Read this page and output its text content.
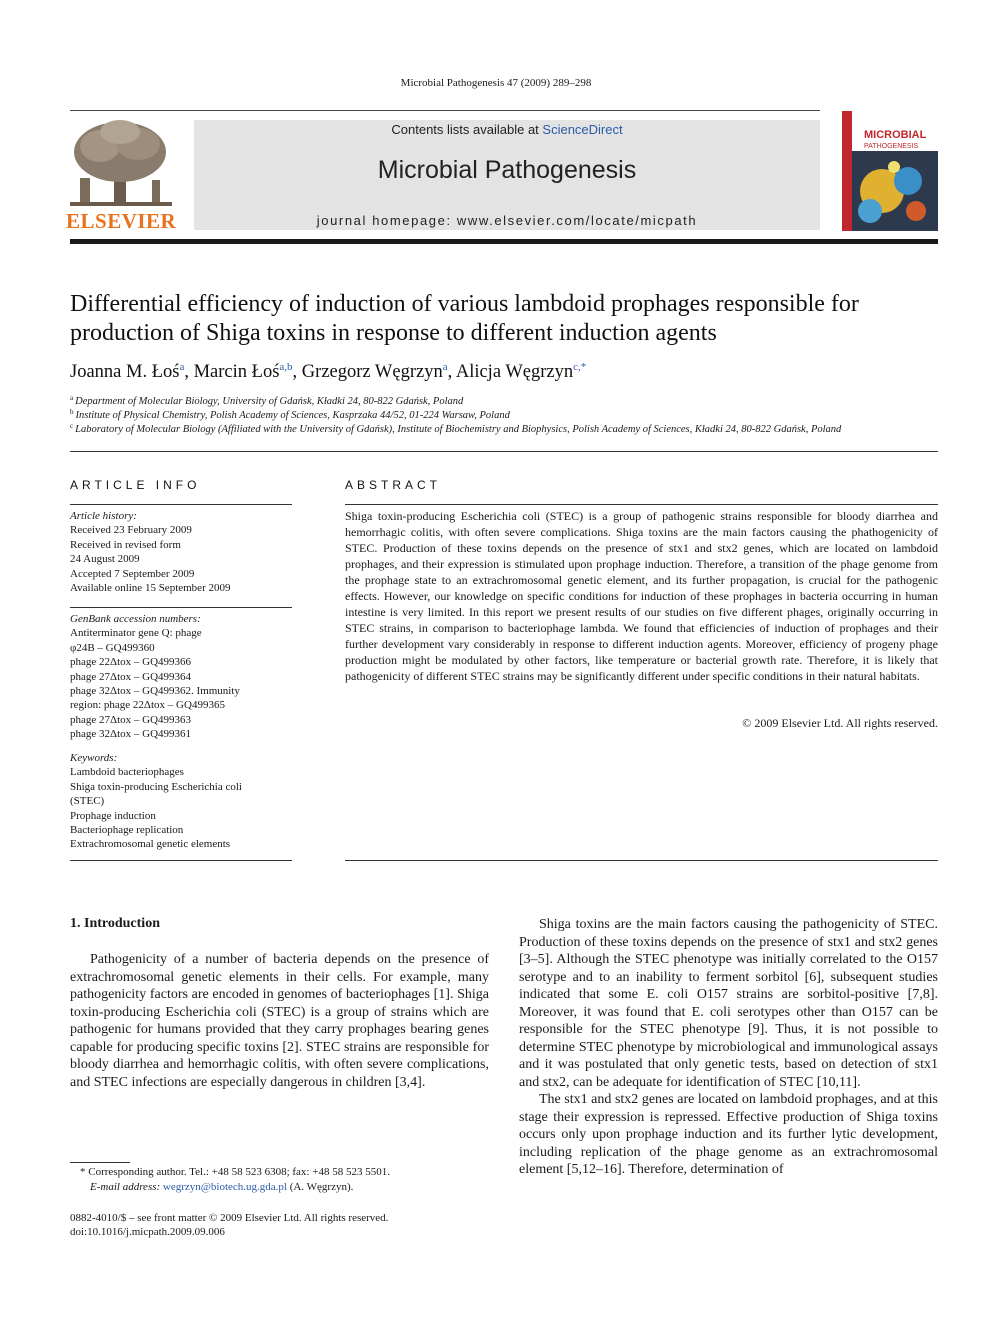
Microbial Pathogenesis 47 (2009) 289–298
ELSEVIER
Contents lists available at ScienceDirect
Microbial Pathogenesis
journal homepage: www.elsevier.com/locate/micpath
MICROBIAL
PATHOGENESIS
Differential efficiency of induction of various lambdoid prophages responsible for production of Shiga toxins in response to different induction agents
Joanna M. Łoś$^a$, Marcin Łoś$^{a,b}$, Grzegorz Węgrzyn$^a$, Alicja Węgrzyn$^{c,*}$
$^a$ Department of Molecular Biology, University of Gdańsk, Kładki 24, 80-822 Gdańsk, Poland
$^b$ Institute of Physical Chemistry, Polish Academy of Sciences, Kasprzaka 44/52, 01-224 Warsaw, Poland
$^c$ Laboratory of Molecular Biology (Affiliated with the University of Gdańsk), Institute of Biochemistry and Biophysics, Polish Academy of Sciences, Kładki 24, 80-822 Gdańsk, Poland
ARTICLE INFO
Article history:
Received 23 February 2009
Received in revised form
24 August 2009
Accepted 7 September 2009
Available online 15 September 2009
GenBank accession numbers:
Antiterminator gene Q: phage
φ24B – GQ499360
phage 22Δtox – GQ499366
phage 27Δtox – GQ499364
phage 32Δtox – GQ499362. Immunity
region: phage 22Δtox – GQ499365
phage 27Δtox – GQ499363
phage 32Δtox – GQ499361
Keywords:
Lambdoid bacteriophages
Shiga toxin-producing Escherichia coli
(STEC)
Prophage induction
Bacteriophage replication
Extrachromosomal genetic elements
ABSTRACT
Shiga toxin-producing Escherichia coli (STEC) is a group of pathogenic strains responsible for bloody diarrhea and hemorrhagic colitis, with often severe complications. Shiga toxins are the main factors causing the phathogenicity of STEC. Production of these toxins depends on the presence of stx1 and stx2 genes, which are located on lambdoid prophages, and their expression is stimulated upon prophage induction. Therefore, a transition of the phage genome from the prophage state to an extrachromosomal genetic element, and its further propagation, is crucial for the pathogenic effects. However, our knowledge on specific conditions for induction of these prophages in bacteria occurring in human intestine is very limited. In this report we present results of our studies on five different phages, originally occurring in STEC strains, in comparison to bacteriophage lambda. We found that efficiencies of induction of prophages and their further development vary considerably in response to different induction agents. Moreover, efficiency of progeny phage production might be modulated by other factors, like temperature or bacterial growth rate. Therefore, it is likely that pathogenicity of different STEC strains may be significantly different under specific conditions in their natural habitats.
© 2009 Elsevier Ltd. All rights reserved.
1. Introduction

Pathogenicity of a number of bacteria depends on the presence of extrachromosomal genetic elements in their cells. For example, many pathogenicity factors are encoded in genomes of bacteriophages [1]. Shiga toxin-producing Escherichia coli (STEC) is a group of strains which are pathogenic for humans provided that they carry prophages bearing genes capable for producing specific toxins [2]. STEC strains are responsible for bloody diarrhea and hemorrhagic colitis, with often severe complications, and STEC infections are especially dangerous in children [3,4].

Shiga toxins are the main factors causing the pathogenicity of STEC. Production of these toxins depends on the presence of stx1 and stx2 genes [3–5]. Although the STEC phenotype was initially correlated to the O157 serotype and to an inability to ferment sorbitol [6], subsequent studies indicated that some E. coli O157 strains are sorbitol-positive [7,8]. Moreover, it was found that E. coli serotypes other than O157 can be responsible for the STEC phenotype [9]. Thus, it is not possible to determine STEC phenotype by microbiological and immunological assays and it was postulated that only genetic tests, based on detection of stx1 and stx2, can be adequate for identification of STEC [10,11].

The stx1 and stx2 genes are located on lambdoid prophages, and at this stage their expression is repressed. Effective production of Shiga toxins occurs only upon prophage induction and its further lytic development, including replication of the phage genome as an extrachromosomal element [5,12–16]. Therefore, determination of

* Corresponding author. Tel.: +48 58 523 6308; fax: +48 58 523 5501.
E-mail address: wegrzyn@biotech.ug.gda.pl (A. Węgrzyn).
0882-4010/$ – see front matter © 2009 Elsevier Ltd. All rights reserved.
doi:10.1016/j.micpath.2009.09.006
